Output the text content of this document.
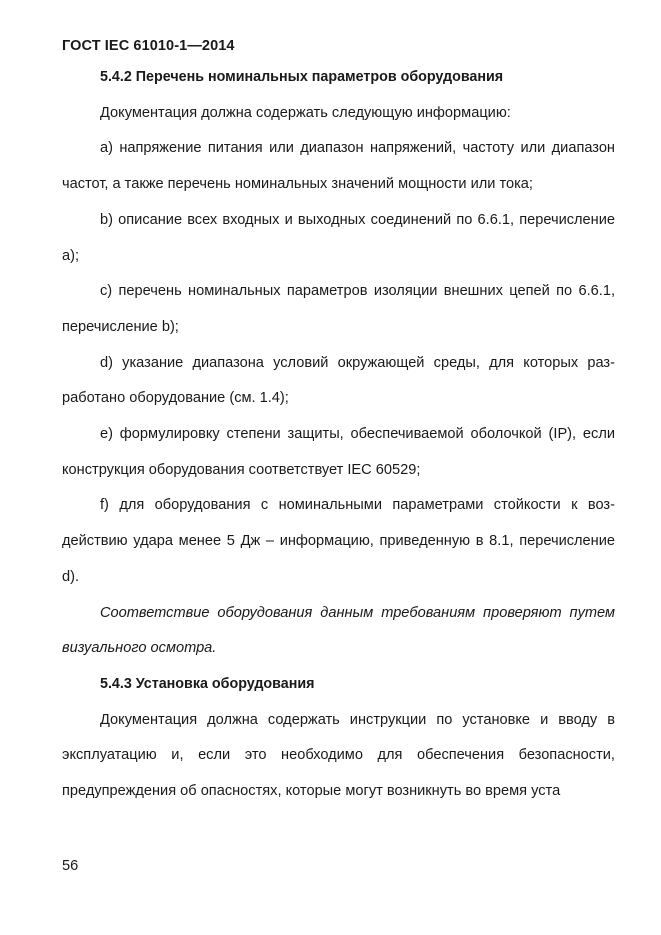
ГОСТ IEC 61010-1—2014

5.4.2 Перечень номинальных параметров оборудования

Документация должна содержать следующую информацию:

а) напряжение питания или диапазон напряжений, частоту или диапазон частот, а также перечень номинальных значений мощности или тока;

b) описание всех входных и выходных соединений по 6.6.1, перечисление а);

с) перечень номинальных параметров изоляции внешних цепей по 6.6.1, перечисление b);

d) указание диапазона условий окружающей среды, для которых разработано оборудование (см. 1.4);

е) формулировку степени защиты, обеспечиваемой оболочкой (IP), если конструкция оборудования соответствует IEC 60529;

f) для оборудования с номинальными параметрами стойкости к воздействию удара менее 5 Дж – информацию, приведенную в 8.1, перечисление d).

Соответствие оборудования данным требованиям проверяют путем визуального осмотра.

5.4.3 Установка оборудования

Документация должна содержать инструкции по установке и вводу в эксплуатацию и, если это необходимо для обеспечения безопасности, предупреждения об опасностях, которые могут возникнуть во время уста

56
